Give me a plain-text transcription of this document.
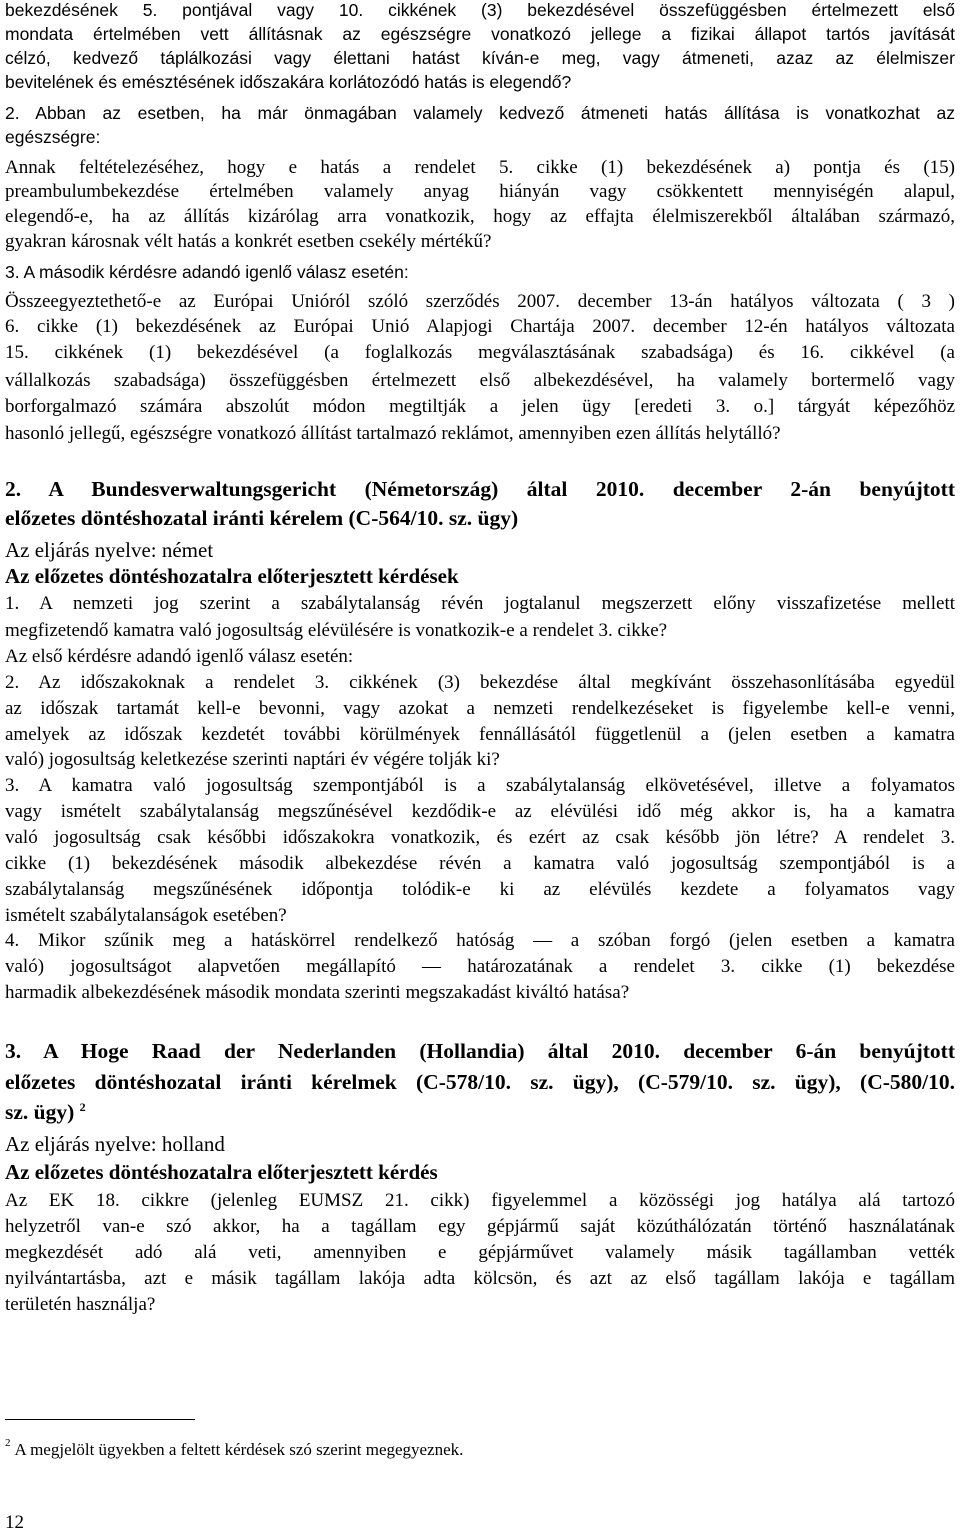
bekezdésének 5. pontjával vagy 10. cikkének (3) bekezdésével összefüggésben értelmezett első
mondata értelmében vett állításnak az egészségre vonatkozó jellege a fizikai állapot tartós javítását
célzó, kedvező táplálkozási vagy élettani hatást kíván-e meg, vagy átmeneti, azaz az élelmiszer
bevitelének és emésztésének időszakára korlátozódó hatás is elegendő?
2. Abban az esetben, ha már önmagában valamely kedvező átmeneti hatás állítása is vonatkozhat az
egészségre:
Annak feltételezéséhez, hogy e hatás a rendelet 5. cikke (1) bekezdésének a) pontja és (15)
preambulumbekezdése értelmében valamely anyag hiányán vagy csökkentett mennyiségén alapul,
elegendő-e, ha az állítás kizárólag arra vonatkozik, hogy az effajta élelmiszerekből általában származó,
gyakran károsnak vélt hatás a konkrét esetben csekély mértékű?
3. A második kérdésre adandó igenlő válasz esetén:
Összeegyeztethető-e az Európai Unióról szóló szerződés 2007. december 13-án hatályos változata ( 3 )
6. cikke (1) bekezdésének az Európai Unió Alapjogi Chartája 2007. december 12-én hatályos változata
15. cikkének (1) bekezdésével (a foglalkozás megválasztásának szabadsága) és 16. cikkével (a
vállalkozás szabadsága) összefüggésben értelmezett első albekezdésével, ha valamely bortermelő vagy
borforgalmazó számára abszolút módon megtiltják a jelen ügy [eredeti 3. o.] tárgyát képezőhöz
hasonló jellegű, egészségre vonatkozó állítást tartalmazó reklámot, amennyiben ezen állítás helytálló?
2. A Bundesverwaltungsgericht (Németország) által 2010. december 2-án benyújtott
előzetes döntéshozatal iránti kérelem (C-564/10. sz. ügy)
Az eljárás nyelve: német
Az előzetes döntéshozatalra előterjesztett kérdések
1. A nemzeti jog szerint a szabálytalanság révén jogtalanul megszerzett előny visszafizetése mellett
megfizetendő kamatra való jogosultság elévülésére is vonatkozik-e a rendelet 3. cikke?
Az első kérdésre adandó igenlő válasz esetén:
2. Az időszakoknak a rendelet 3. cikkének (3) bekezdése által megkívánt összehasonlításába egyedül
az időszak tartamát kell-e bevonni, vagy azokat a nemzeti rendelkezéseket is figyelembe kell-e venni,
amelyek az időszak kezdetét további körülmények fennállásától függetlenül a (jelen esetben a kamatra
való) jogosultság keletkezése szerinti naptári év végére tolják ki?
3. A kamatra való jogosultság szempontjából is a szabálytalanság elkövetésével, illetve a folyamatos
vagy ismételt szabálytalanság megszűnésével kezdődik-e az elévülési idő még akkor is, ha a kamatra
való jogosultság csak későbbi időszakokra vonatkozik, és ezért az csak később jön létre? A rendelet 3.
cikke (1) bekezdésének második albekezdése révén a kamatra való jogosultság szempontjából is a
szabálytalanság megszűnésének időpontja tolódik-e ki az elévülés kezdete a folyamatos vagy
ismételt szabálytalanságok esetében?
4. Mikor szűnik meg a hatáskörrel rendelkező hatóság — a szóban forgó (jelen esetben a kamatra
való) jogosultságot alapvetően megállapító — határozatának a rendelet 3. cikke (1) bekezdése
harmadik albekezdésének második mondata szerinti megszakadást kiváltó hatása?
3. A Hoge Raad der Nederlanden (Hollandia) által 2010. december 6-án benyújtott
előzetes döntéshozatal iránti kérelmek (C-578/10. sz. ügy), (C-579/10. sz. ügy), (C-580/10.
sz. ügy) $^2$
Az eljárás nyelve: holland
Az előzetes döntéshozatalra előterjesztett kérdés
Az EK 18. cikkre (jelenleg EUMSZ 21. cikk) figyelemmel a közösségi jog hatálya alá tartozó
helyzetről van-e szó akkor, ha a tagállam egy gépjármű saját közúthálózatán történő használatának
megkezdését adó alá veti, amennyiben e gépjárművet valamely másik tagállamban vették
nyilvántartásba, azt e másik tagállam lakója adta kölcsön, és azt az első tagállam lakója e tagállam
területén használja?
$^2$ A megjelölt ügyekben a feltett kérdések szó szerint megegyeznek.
12
